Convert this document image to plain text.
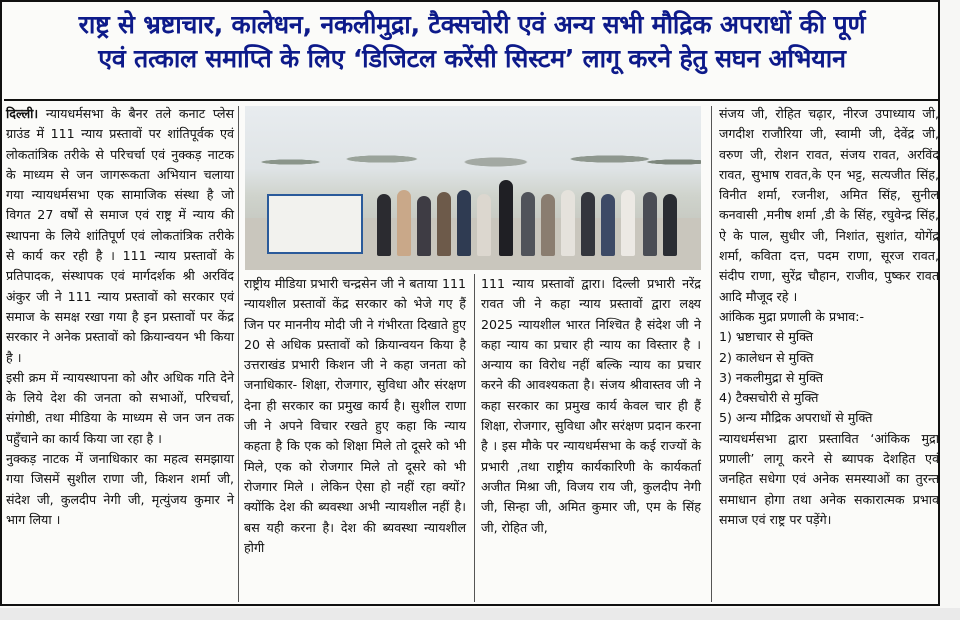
राष्ट्र से भ्रष्टाचार, कालेधन, नकलीमुद्रा, टैक्सचोरी एवं अन्य सभी मौद्रिक अपराधों की पूर्ण
एवं तत्काल समाप्ति के लिए ‘डिजिटल करेंसी सिस्टम’ लागू करने हेतु सघन अभियान

दिल्ली। न्यायधर्मसभा के बैनर तले कनाट प्लेस ग्राउंड में 111 न्याय प्रस्तावों पर शांतिपूर्वक एवं लोकतांत्रिक तरीके से परिचर्चा एवं नुक्कड़ नाटक के माध्यम से जन जागरूकता अभियान चलाया गया न्यायधर्मसभा एक सामाजिक संस्था है जो विगत 27 वर्षों से समाज एवं राष्ट्र में न्याय की स्थापना के लिये शांतिपूर्ण एवं लोकतांत्रिक तरीके से कार्य कर रही है । 111 न्याय प्रस्तावों के प्रतिपादक, संस्थापक एवं मार्गदर्शक श्री अरविंद अंकुर जी ने 111 न्याय प्रस्तावों को सरकार एवं समाज के समक्ष रखा गया है इन प्रस्तावों पर केंद्र सरकार ने अनेक प्रस्तावों को क्रियान्वयन भी किया है ।

इसी क्रम में न्यायस्थापना को और अधिक गति देने के लिये देश की जनता को सभाओं, परिचर्चा, संगोष्ठी, तथा मीडिया के माध्यम से जन जन तक पहुँचाने का कार्य किया जा रहा है ।

नुक्कड़ नाटक में जनाधिकार का महत्व समझाया गया जिसमें सुशील राणा जी, किशन शर्मा जी, संदेश जी, कुलदीप नेगी जी, मृत्युंजय कुमार ने भाग लिया ।

राष्ट्रीय मीडिया प्रभारी चन्द्रसेन जी ने बताया 111 न्यायशील प्रस्तावों केंद्र सरकार को भेजे गए हैं जिन पर माननीय मोदी जी ने गंभीरता दिखाते हुए 20 से अधिक प्रस्तावों को क्रियान्वयन किया है उत्तराखंड प्रभारी किशन जी ने कहा जनता को जनाधिकार- शिक्षा, रोजगार, सुविधा और संरक्षण देना ही सरकार का प्रमुख कार्य है। सुशील राणा जी ने अपने विचार रखते हुए कहा कि न्याय कहता है कि एक को शिक्षा मिले तो दूसरे को भी मिले, एक को रोजगार मिले तो दूसरे को भी रोजगार मिले । लेकिन ऐसा हो नहीं रहा क्यों? क्योंकि देश की ब्यवस्था अभी न्यायशील नहीं है। बस यही करना है। देश की ब्यवस्था न्यायशील होगी

111 न्याय प्रस्तावों द्वारा। दिल्ली प्रभारी नरेंद्र रावत जी ने कहा न्याय प्रस्तावों द्वारा लक्ष्य 2025 न्यायशील भारत निश्चित है संदेश जी ने कहा न्याय का प्रचार ही न्याय का विस्तार है । अन्याय का विरोध नहीं बल्कि न्याय का प्रचार करने की आवश्यकता है। संजय श्रीवास्तव जी ने कहा सरकार का प्रमुख कार्य केवल चार ही हैं शिक्षा, रोजगार, सुविधा और सरंक्षण प्रदान करना है । इस मौके पर न्यायधर्मसभा के कई राज्यों के प्रभारी ,तथा राष्ट्रीय कार्यकारिणी के कार्यकर्ता अजीत मिश्रा जी, विजय राय जी, कुलदीप नेगी जी, सिन्हा जी, अमित कुमार जी, एम के सिंह जी, रोहित जी,

संजय जी, रोहित चढ़ार, नीरज उपाध्याय जी, जगदीश राजौरिया जी, स्वामी जी, देवेंद्र जी, वरुण जी, रोशन रावत, संजय रावत, अरविंद रावत, सुभाष रावत,के एन भट्ट, सत्यजीत सिंह, विनीत शर्मा, रजनीश, अमित सिंह, सुनील कनवासी ,मनीष शर्मा ,डी के सिंह, रघुवेन्द्र सिंह, ऐ के पाल, सुधीर जी, निशांत, सुशांत, योगेंद्र शर्मा, कविता दत्त, पदम राणा, सूरज रावत, संदीप राणा, सुरेंद्र चौहान, राजीव, पुष्कर रावत आदि मौजूद रहे ।

आंकिक मुद्रा प्रणाली के प्रभाव:-

1) भ्रष्टाचार से मुक्ति

2) कालेधन से मुक्ति

3) नकलीमुद्रा से मुक्ति

4) टैक्सचोरी से मुक्ति

5) अन्य मौद्रिक अपराधों से मुक्ति

न्यायधर्मसभा द्वारा प्रस्तावित ‘आंकिक मुद्रा प्रणाली’ लागू करने से ब्यापक देशहित एवं जनहित सधेगा एवं अनेक समस्याओं का तुरन्त समाधान होगा तथा अनेक सकारात्मक प्रभाव समाज एवं राष्ट्र पर पड़ेंगे।
